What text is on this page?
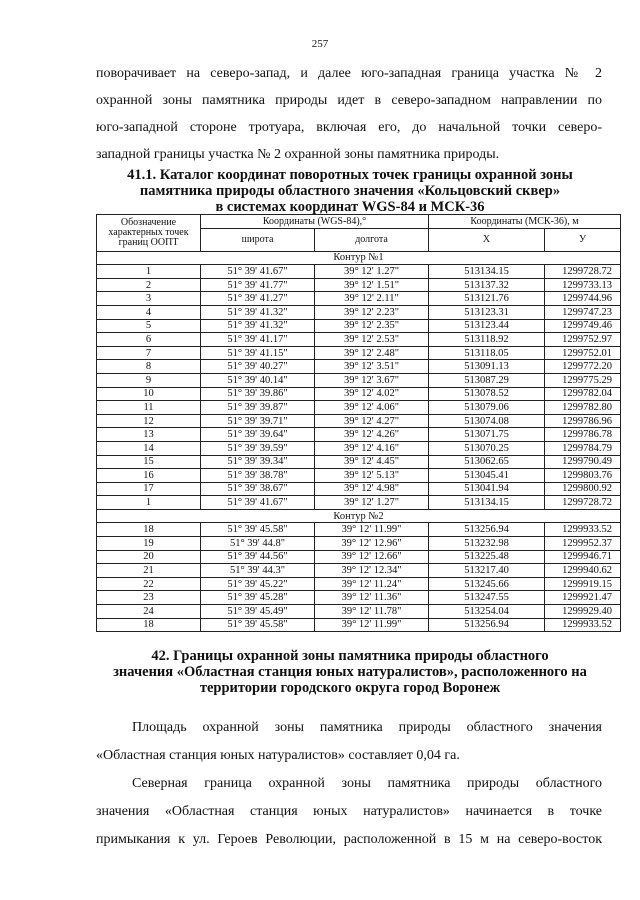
257
поворачивает на северо-запад, и далее юго-западная граница участка № 2
охранной зоны памятника природы идет в северо-западном направлении по
юго-западной стороне тротуара, включая его, до начальной точки северо-
западной границы участка № 2 охранной зоны памятника природы.
41.1. Каталог координат поворотных точек границы охранной зоны
памятника природы областного значения «Кольцовский сквер»
в системах координат WGS-84 и МСК-36
Обозначение характерных точек границ ООПТ	Координаты (WGS-84),°		Координаты (МСК-36), м	
	широта	долгота	X	У
Контур №1				
1	51° 39' 41.67"	39° 12' 1.27"	513134.15	1299728.72
2	51° 39' 41.77"	39° 12' 1.51"	513137.32	1299733.13
3	51° 39' 41.27"	39° 12' 2.11"	513121.76	1299744.96
4	51° 39' 41.32"	39° 12' 2.23"	513123.31	1299747.23
5	51° 39' 41.32"	39° 12' 2.35"	513123.44	1299749.46
6	51° 39' 41.17"	39° 12' 2.53"	513118.92	1299752.97
7	51° 39' 41.15"	39° 12' 2.48"	513118.05	1299752.01
8	51° 39' 40.27"	39° 12' 3.51"	513091.13	1299772.20
9	51° 39' 40.14"	39° 12' 3.67"	513087.29	1299775.29
10	51° 39' 39.86"	39° 12' 4.02"	513078.52	1299782.04
11	51° 39' 39.87"	39° 12' 4.06"	513079.06	1299782.80
12	51° 39' 39.71"	39° 12' 4.27"	513074.08	1299786.96
13	51° 39' 39.64"	39° 12' 4.26"	513071.75	1299786.78
14	51° 39' 39.59"	39° 12' 4.16"	513070.25	1299784.79
15	51° 39' 39.34"	39° 12' 4.45"	513062.65	1299790.49
16	51° 39' 38.78"	39° 12' 5.13"	513045.41	1299803.76
17	51° 39' 38.67"	39° 12' 4.98"	513041.94	1299800.92
1	51° 39' 41.67"	39° 12' 1.27"	513134.15	1299728.72
Контур №2				
18	51° 39' 45.58"	39° 12' 11.99"	513256.94	1299933.52
19	51° 39' 44.8"	39° 12' 12.96"	513232.98	1299952.37
20	51° 39' 44.56"	39° 12' 12.66"	513225.48	1299946.71
21	51° 39' 44.3"	39° 12' 12.34"	513217.40	1299940.62
22	51° 39' 45.22"	39° 12' 11.24"	513245.66	1299919.15
23	51° 39' 45.28"	39° 12' 11.36"	513247.55	1299921.47
24	51° 39' 45.49"	39° 12' 11.78"	513254.04	1299929.40
18	51° 39' 45.58"	39° 12' 11.99"	513256.94	1299933.52
42. Границы охранной зоны памятника природы областного
значения «Областная станция юных натуралистов», расположенного на
территории городского округа город Воронеж
Площадь охранной зоны памятника природы областного значения
«Областная станция юных натуралистов» составляет 0,04 га.
Северная граница охранной зоны памятника природы областного
значения «Областная станция юных натуралистов» начинается в точке
примыкания к ул. Героев Революции, расположенной в 15 м на северо-восток
